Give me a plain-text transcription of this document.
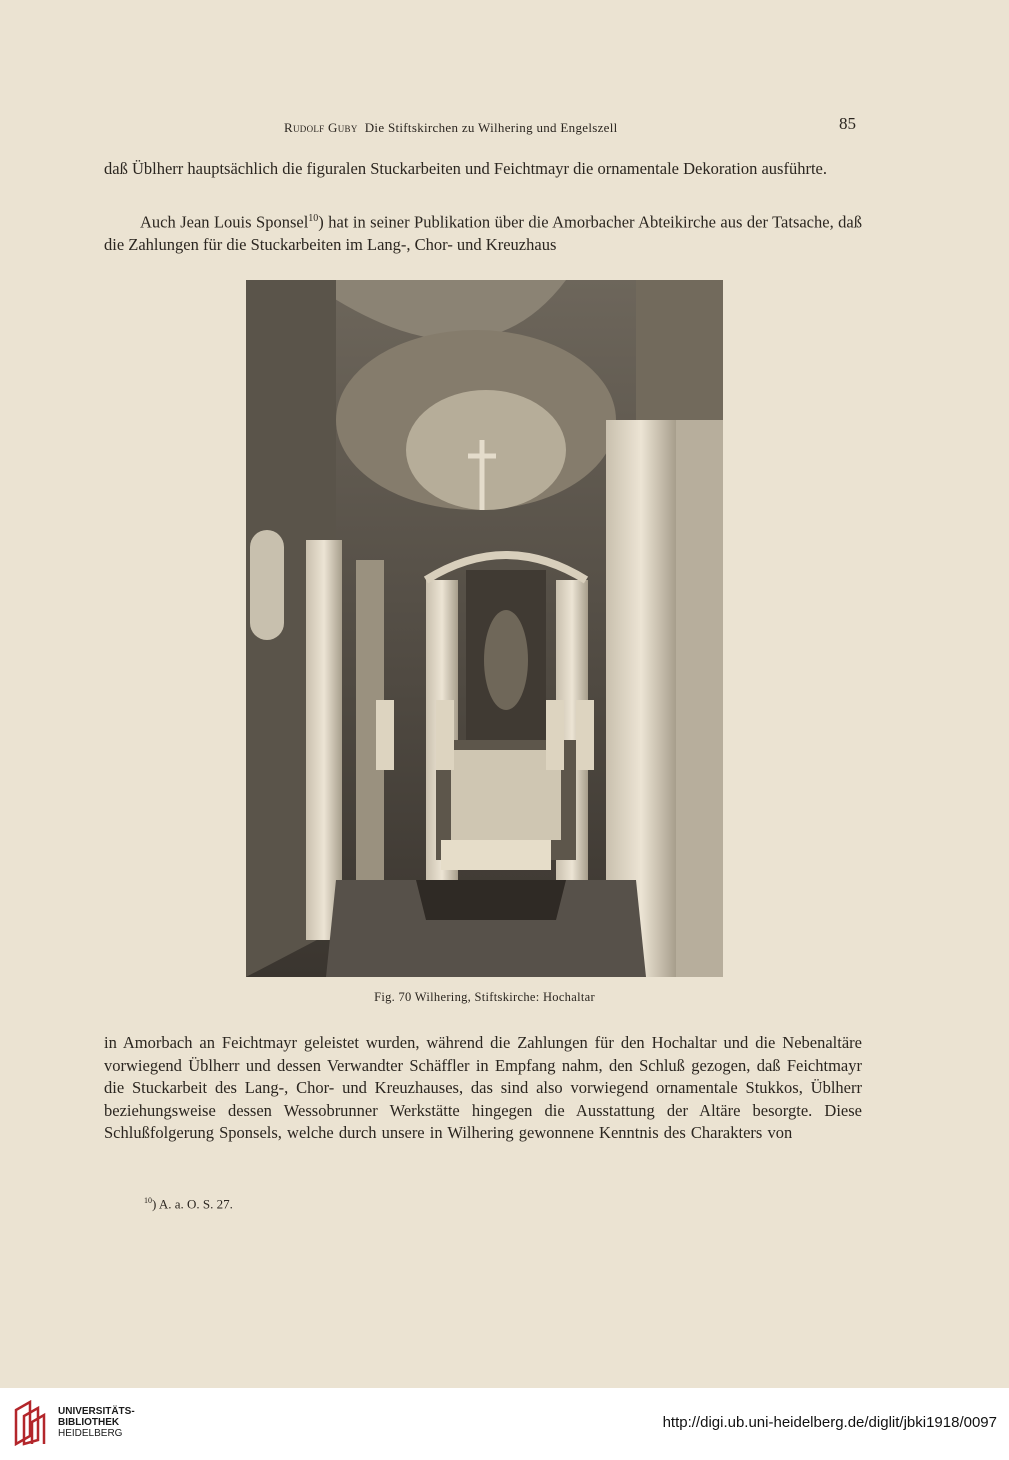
Rudolf Guby Die Stiftskirchen zu Wilhering und Engelszell	85

daß Üblherr hauptsächlich die figuralen Stuckarbeiten und Feichtmayr die ornamentale Dekoration ausführte.

Auch Jean Louis Sponsel$^{10}$) hat in seiner Publikation über die Amorbacher Abteikirche aus der Tatsache, daß die Zahlungen für die Stuckarbeiten im Lang-, Chor- und Kreuzhaus

Fig. 70 Wilhering, Stiftskirche: Hochaltar

in Amorbach an Feichtmayr geleistet wurden, während die Zahlungen für den Hochaltar und die Nebenaltäre vorwiegend Üblherr und dessen Verwandter Schäffler in Empfang nahm, den Schluß gezogen, daß Feichtmayr die Stuckarbeit des Lang-, Chor- und Kreuzhauses, das sind also vorwiegend ornamentale Stukkos, Üblherr beziehungsweise dessen Wessobrunner Werkstätte hingegen die Ausstattung der Altäre besorgte. Diese Schlußfolgerung Sponsels, welche durch unsere in Wilhering gewonnene Kenntnis des Charakters von

$^{10}$) A. a. O. S. 27.
UNIVERSITÄTS-
BIBLIOTHEK
HEIDELBERG
http://digi.ub.uni-heidelberg.de/diglit/jbki1918/0097
